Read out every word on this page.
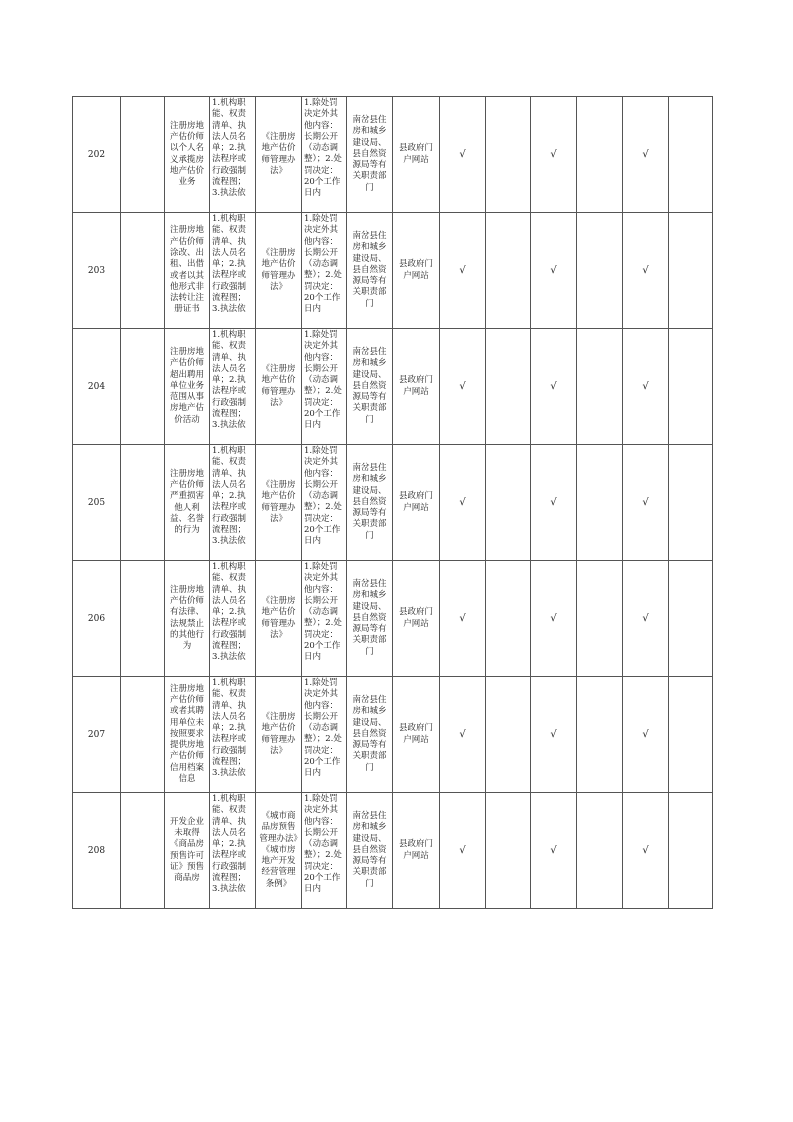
202		注册房地产估价师以个人名义承揽房地产估价业务	1.机构职能、权责清单、执法人员名单；2.执法程序或行政强制流程图；3.执法依	《注册房地产估价师管理办法》	1.除处罚决定外其他内容：长期公开（动态调整）；2.处罚决定：20个工作日内	南岔县住房和城乡建设局、县自然资源局等有关职责部门	县政府门户网站	√		√		√	
203		注册房地产估价师涂改、出租、出借或者以其他形式非法转让注册证书	1.机构职能、权责清单、执法人员名单；2.执法程序或行政强制流程图；3.执法依	《注册房地产估价师管理办法》	1.除处罚决定外其他内容：长期公开（动态调整）；2.处罚决定：20个工作日内	南岔县住房和城乡建设局、县自然资源局等有关职责部门	县政府门户网站	√		√		√	
204		注册房地产估价师超出聘用单位业务范围从事房地产估价活动	1.机构职能、权责清单、执法人员名单；2.执法程序或行政强制流程图；3.执法依	《注册房地产估价师管理办法》	1.除处罚决定外其他内容：长期公开（动态调整）；2.处罚决定：20个工作日内	南岔县住房和城乡建设局、县自然资源局等有关职责部门	县政府门户网站	√		√		√	
205		注册房地产估价师严重损害他人利益、名誉的行为	1.机构职能、权责清单、执法人员名单；2.执法程序或行政强制流程图；3.执法依	《注册房地产估价师管理办法》	1.除处罚决定外其他内容：长期公开（动态调整）；2.处罚决定：20个工作日内	南岔县住房和城乡建设局、县自然资源局等有关职责部门	县政府门户网站	√		√		√	
206		注册房地产估价师有法律、法规禁止的其他行为	1.机构职能、权责清单、执法人员名单；2.执法程序或行政强制流程图；3.执法依	《注册房地产估价师管理办法》	1.除处罚决定外其他内容：长期公开（动态调整）；2.处罚决定：20个工作日内	南岔县住房和城乡建设局、县自然资源局等有关职责部门	县政府门户网站	√		√		√	
207		注册房地产估价师或者其聘用单位未按照要求提供房地产估价师信用档案信息	1.机构职能、权责清单、执法人员名单；2.执法程序或行政强制流程图；3.执法依	《注册房地产估价师管理办法》	1.除处罚决定外其他内容：长期公开（动态调整）；2.处罚决定：20个工作日内	南岔县住房和城乡建设局、县自然资源局等有关职责部门	县政府门户网站	√		√		√	
208		开发企业未取得《商品房预售许可证》预售商品房	1.机构职能、权责清单、执法人员名单；2.执法程序或行政强制流程图；3.执法依	《城市商品房预售管理办法》《城市房地产开发经营管理条例》	1.除处罚决定外其他内容：长期公开（动态调整）；2.处罚决定：20个工作日内	南岔县住房和城乡建设局、县自然资源局等有关职责部门	县政府门户网站	√		√		√	
